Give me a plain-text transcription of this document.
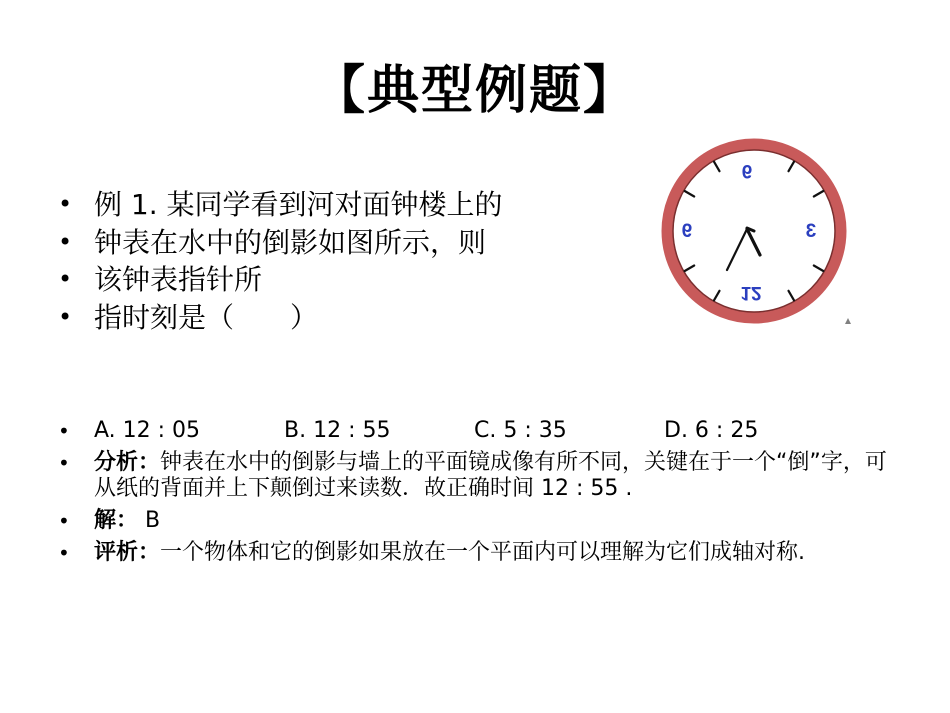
【典型例题】
• 例 1. 某同学看到河对面钟楼上的
• 钟表在水中的倒影如图所示，则
• 该钟表指针所
• 指时刻是（　　）
6
3
12
9
• A. 12 : 05	B. 12 : 55	C. 5 : 35	D. 6 : 25
• 分析：钟表在水中的倒影与墙上的平面镜成像有所不同，关键在于一个“倒”字，可从纸的背面并上下颠倒过来读数．故正确时间 12 : 55 .
• 解： B
• 评析：一个物体和它的倒影如果放在一个平面内可以理解为它们成轴对称.
